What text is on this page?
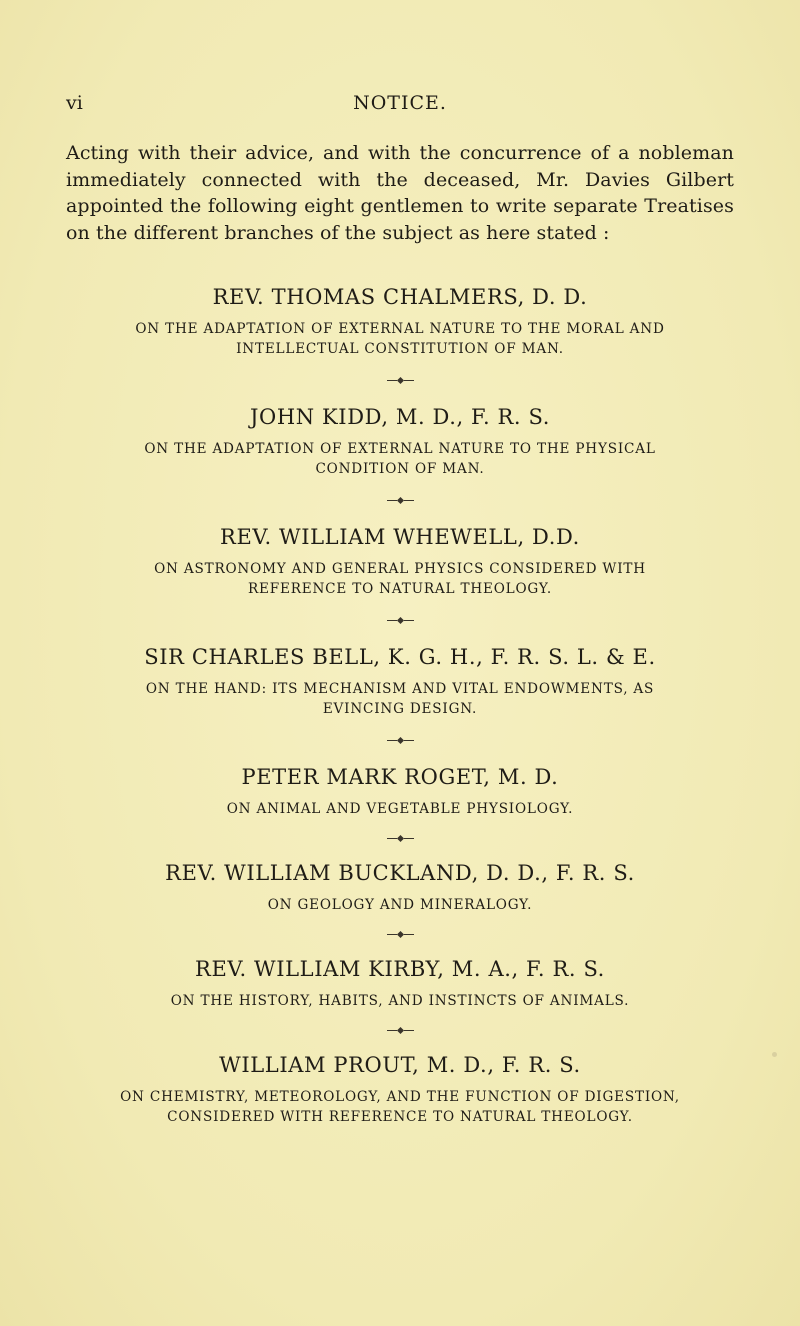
vi	NOTICE.

Acting with their advice, and with the concurrence of a nobleman immediately connected with the deceased, Mr. Davies Gilbert appointed the following eight gentlemen to write separate Treatises on the different branches of the subject as here stated :

REV. THOMAS CHALMERS, D. D.
ON THE ADAPTATION OF EXTERNAL NATURE TO THE MORAL AND
INTELLECTUAL CONSTITUTION OF MAN.
JOHN KIDD, M. D., F. R. S.
ON THE ADAPTATION OF EXTERNAL NATURE TO THE PHYSICAL
CONDITION OF MAN.
REV. WILLIAM WHEWELL, D.D.
ON ASTRONOMY AND GENERAL PHYSICS CONSIDERED WITH
REFERENCE TO NATURAL THEOLOGY.
SIR CHARLES BELL, K. G. H., F. R. S. L. & E.
ON THE HAND: ITS MECHANISM AND VITAL ENDOWMENTS, AS
EVINCING DESIGN.
PETER MARK ROGET, M. D.
ON ANIMAL AND VEGETABLE PHYSIOLOGY.
REV. WILLIAM BUCKLAND, D. D., F. R. S.
ON GEOLOGY AND MINERALOGY.
REV. WILLIAM KIRBY, M. A., F. R. S.
ON THE HISTORY, HABITS, AND INSTINCTS OF ANIMALS.
WILLIAM PROUT, M. D., F. R. S.
ON CHEMISTRY, METEOROLOGY, AND THE FUNCTION OF DIGESTION,
CONSIDERED WITH REFERENCE TO NATURAL THEOLOGY.
